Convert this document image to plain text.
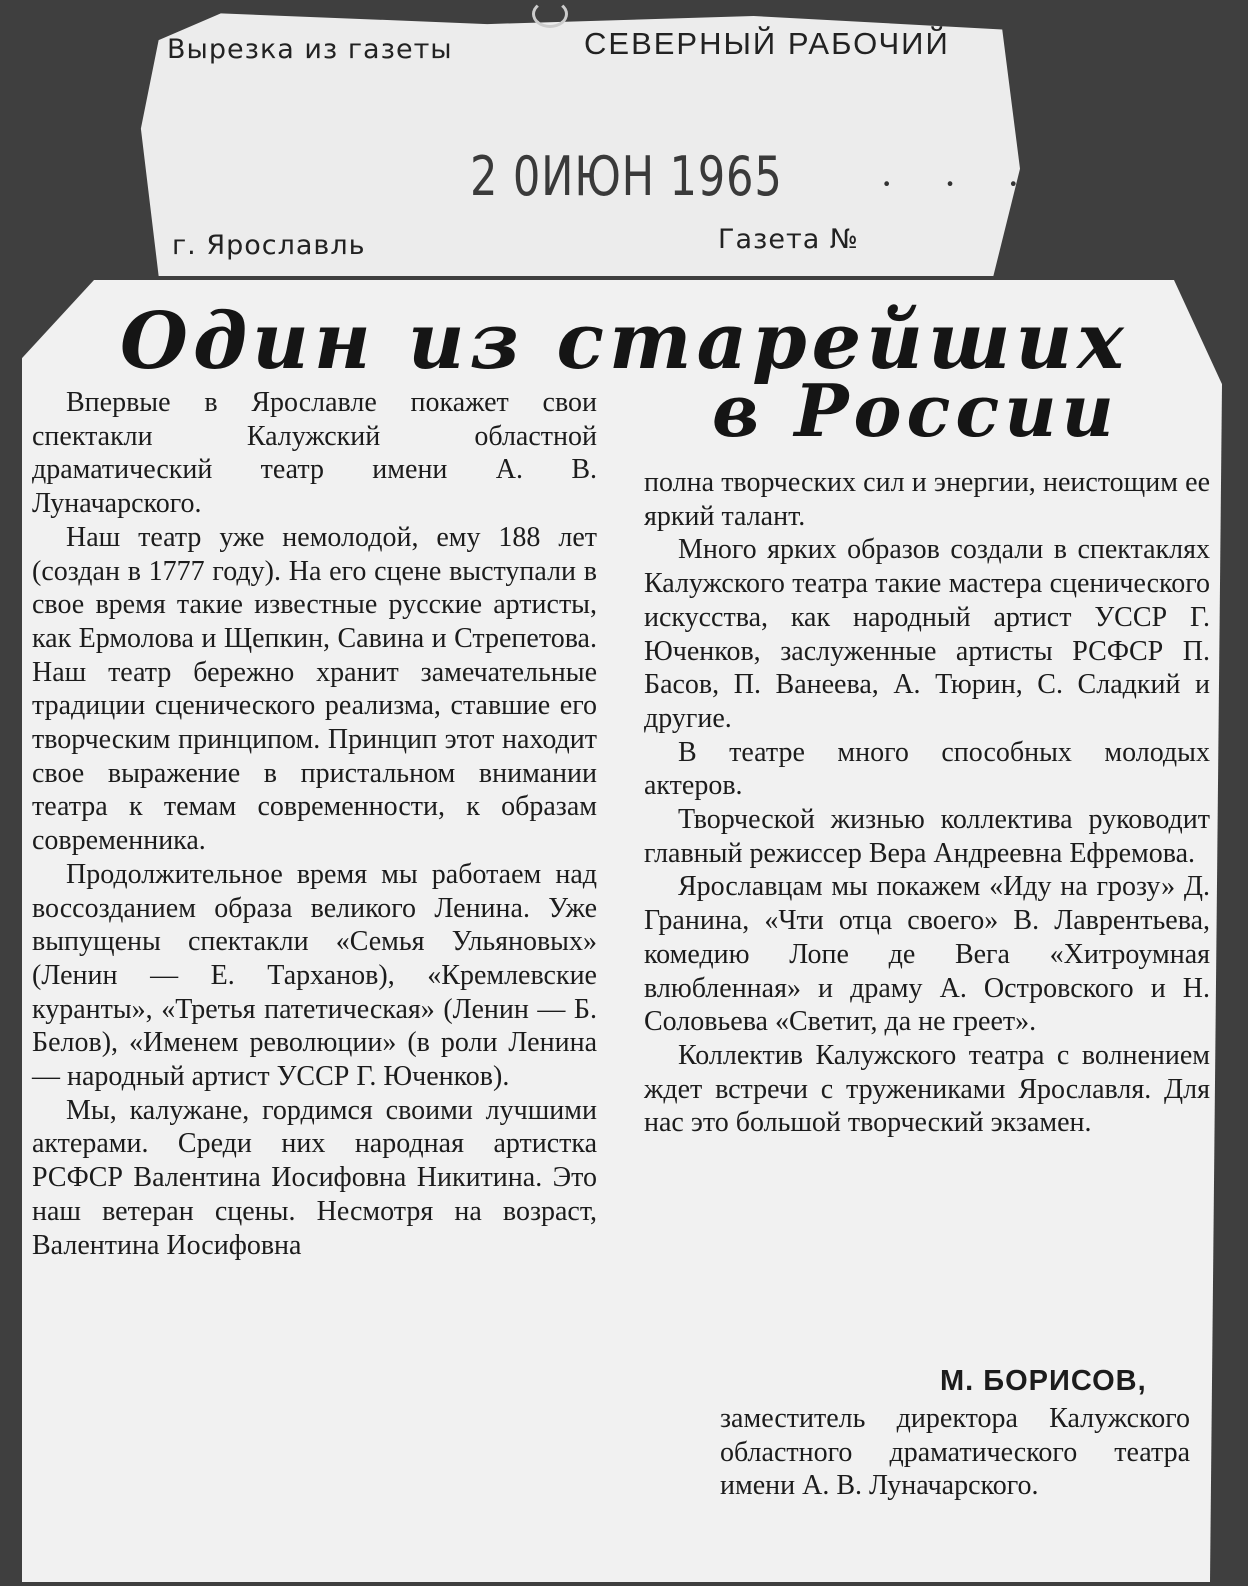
Вырезка из газеты	СЕВЕРНЫЙ РАБОЧИЙ
2 0ИЮН 1965 · · ·
г. Ярославль	Газета №
Один из старейших
в России

Впервые в Ярославле покажет свои спектакли Калужский областной драматический театр имени А. В. Луначарского.

Наш театр уже немолодой, ему 188 лет (создан в 1777 году). На его сцене выступали в свое время такие известные русские артисты, как Ермолова и Щепкин, Савина и Стрепетова. Наш театр бережно хранит замечательные традиции сценического реализма, ставшие его творческим принципом. Принцип этот находит свое выражение в пристальном внимании театра к темам современности, к образам современника.

Продолжительное время мы работаем над воссозданием образа великого Ленина. Уже выпущены спектакли «Семья Ульяновых» (Ленин — Е. Тарханов), «Кремлевские куранты», «Третья патетическая» (Ленин — Б. Белов), «Именем революции» (в роли Ленина — народный артист УССР Г. Юченков).

Мы, калужане, гордимся своими лучшими актерами. Среди них народная артистка РСФСР Валентина Иосифовна Никитина. Это наш ветеран сцены. Несмотря на возраст, Валентина Иосифовна

полна творческих сил и энергии, неистощим ее яркий талант.

Много ярких образов создали в спектаклях Калужского театра такие мастера сценического искусства, как народный артист УССР Г. Юченков, заслуженные артисты РСФСР П. Басов, П. Ванеева, А. Тюрин, С. Сладкий и другие.

В театре много способных молодых актеров.

Творческой жизнью коллектива руководит главный режиссер Вера Андреевна Ефремова.

Ярославцам мы покажем «Иду на грозу» Д. Гранина, «Чти отца своего» В. Лаврентьева, комедию Лопе де Вега «Хитроумная влюбленная» и драму А. Островского и Н. Соловьева «Светит, да не греет».

Коллектив Калужского театра с волнением ждет встречи с тружениками Ярославля. Для нас это большой творческий экзамен.

М. БОРИСОВ,
заместитель директора Калужского областного драматического театра имени А. В. Луначарского.
